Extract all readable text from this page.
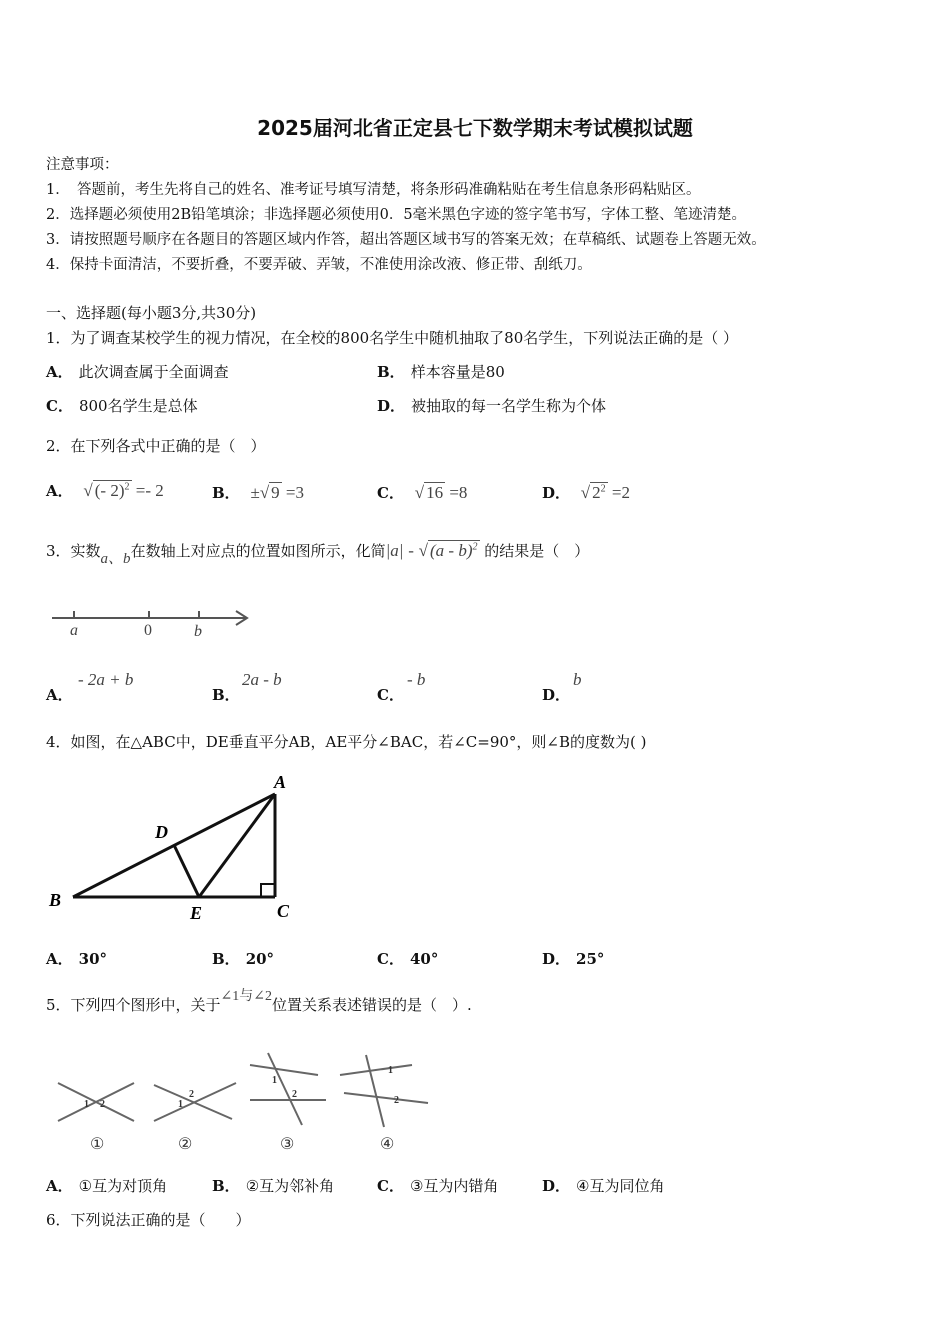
2025届河北省正定县七下数学期末考试模拟试题
注意事项：
1．　答题前，考生先将自己的姓名、准考证号填写清楚，将条形码准确粘贴在考生信息条形码粘贴区。
2．选择题必须使用2B铅笔填涂；非选择题必须使用0．5毫米黑色字迹的签字笔书写，字体工整、笔迹清楚。
3．请按照题号顺序在各题目的答题区域内作答，超出答题区域书写的答案无效；在草稿纸、试题卷上答题无效。
4．保持卡面清洁，不要折叠，不要弄破、弄皱，不准使用涂改液、修正带、刮纸刀。
一、选择题(每小题3分,共30分)
1．为了调查某校学生的视力情况，在全校的800名学生中随机抽取了80名学生，下列说法正确的是（ ）
A． 此次调查属于全面调查	B． 样本容量是80
C． 800名学生是总体	D． 被抽取的每一名学生称为个体
2．在下列各式中正确的是（　）
A． √ (- 2)$^2$ =- 2	B． ±√ 9 =3	C． √ 16 =8	D． √ $2^2 =2$
3．实数a、b在数轴上对应点的位置如图所示，化简|a| - √ (a - b)$^2$ 的结果是（　）
a	0	b
A．
- 2a + b
B．
2a - b
C．
- b
D．
b
4．如图，在△ABC中，DE垂直平分AB，AE平分∠BAC，若∠C=90°，则∠B的度数为( )
A
B
C
D
E
A． 30°	B． 20°	C． 40°	D． 25°
5．下列四个图形中，关于∠1与∠2位置关系表述错误的是（　）.
1 2
①
1
2
②
1
2
③
1
2
④
A． ①互为对顶角	B． ②互为邻补角	C． ③互为内错角	D． ④互为同位角
6．下列说法正确的是（　　）
